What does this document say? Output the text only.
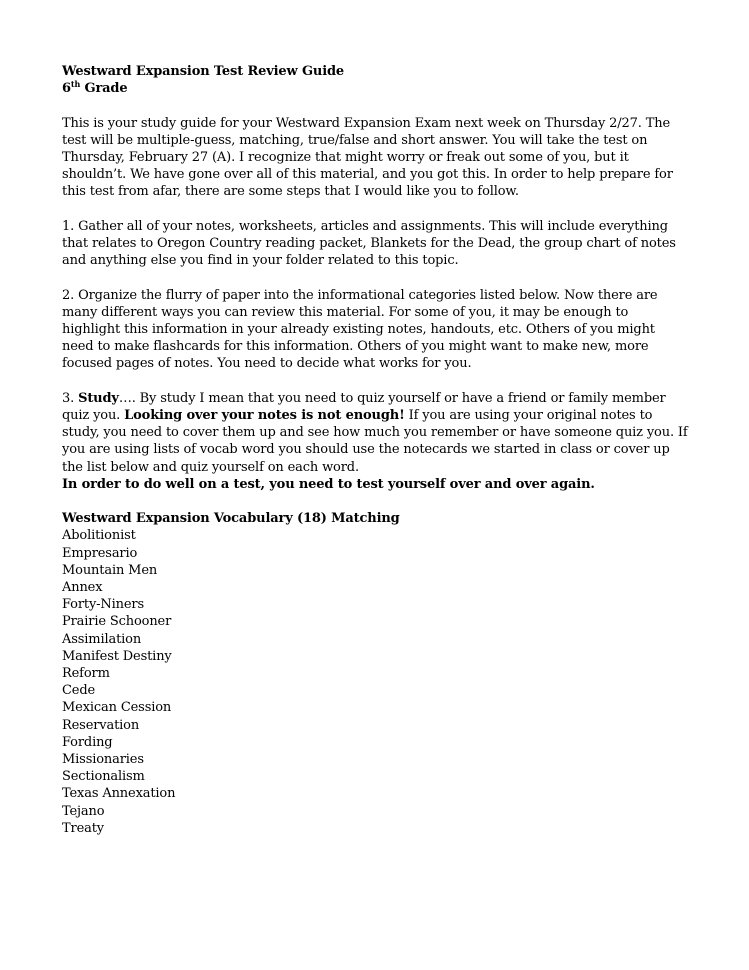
Westward Expansion Test Review Guide
6th Grade

This is your study guide for your Westward Expansion Exam next week on Thursday 2/27. The test will be multiple-guess, matching, true/false and short answer. You will take the test on Thursday, February 27 (A). I recognize that might worry or freak out some of you, but it shouldn’t. We have gone over all of this material, and you got this. In order to help prepare for this test from afar, there are some steps that I would like you to follow.

1. Gather all of your notes, worksheets, articles and assignments. This will include everything that relates to Oregon Country reading packet, Blankets for the Dead, the group chart of notes and anything else you find in your folder related to this topic.

2. Organize the flurry of paper into the informational categories listed below. Now there are many different ways you can review this material. For some of you, it may be enough to highlight this information in your already existing notes, handouts, etc. Others of you might need to make flashcards for this information. Others of you might want to make new, more focused pages of notes. You need to decide what works for you.

3. Study…. By study I mean that you need to quiz yourself or have a friend or family member quiz you. Looking over your notes is not enough! If you are using your original notes to study, you need to cover them up and see how much you remember or have someone quiz you. If you are using lists of vocab word you should use the notecards we started in class or cover up the list below and quiz yourself on each word.

In order to do well on a test, you need to test yourself over and over again.

Westward Expansion Vocabulary (18) Matching
Abolitionist
Empresario
Mountain Men
Annex
Forty-Niners
Prairie Schooner
Assimilation
Manifest Destiny
Reform
Cede
Mexican Cession
Reservation
Fording
Missionaries
Sectionalism
Texas Annexation
Tejano
Treaty
